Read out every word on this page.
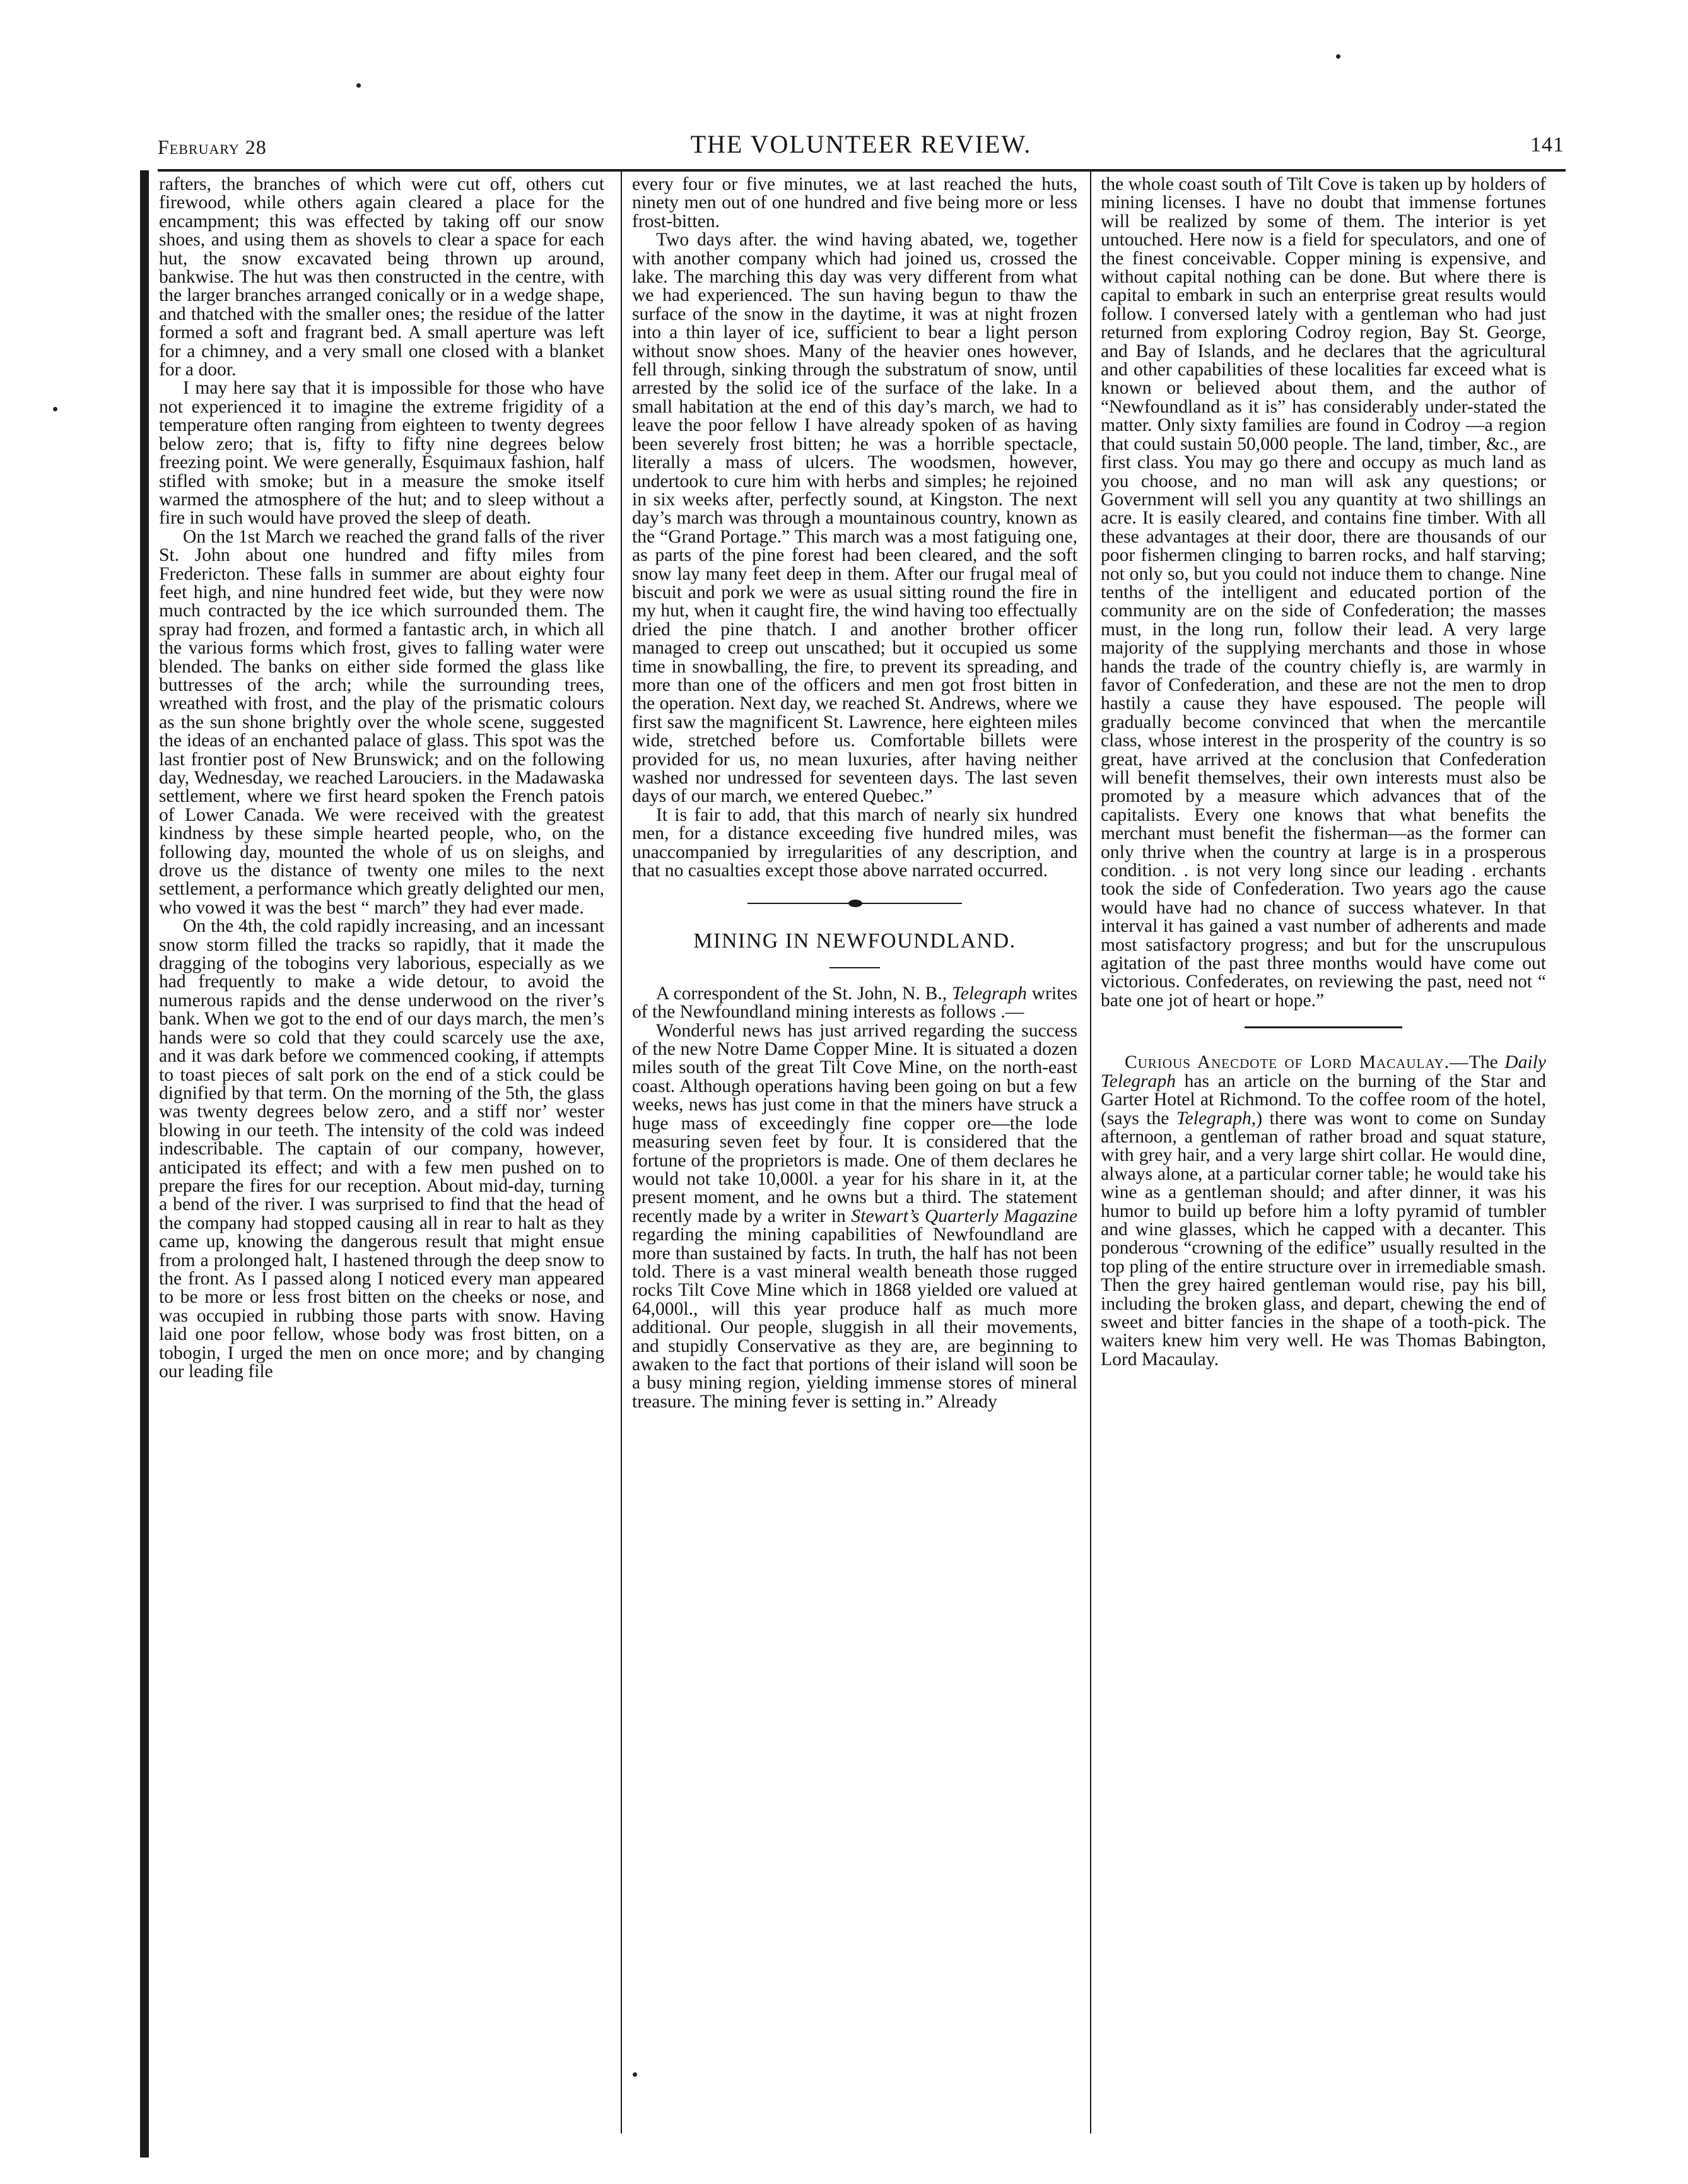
February 28	THE VOLUNTEER REVIEW.	141

rafters, the branches of which were cut off, others cut firewood, while others again cleared a place for the encampment; this was effected by taking off our snow shoes, and using them as shovels to clear a space for each hut, the snow excavated being thrown up around, bankwise. The hut was then constructed in the centre, with the larger branches arranged conically or in a wedge shape, and thatched with the smaller ones; the residue of the latter formed a soft and fragrant bed. A small aperture was left for a chimney, and a very small one closed with a blanket for a door.

I may here say that it is impossible for those who have not experienced it to imagine the extreme frigidity of a temperature often ranging from eighteen to twenty degrees below zero; that is, fifty to fifty nine degrees below freezing point. We were generally, Esquimaux fashion, half stifled with smoke; but in a measure the smoke itself warmed the atmosphere of the hut; and to sleep without a fire in such would have proved the sleep of death.

On the 1st March we reached the grand falls of the river St. John about one hundred and fifty miles from Fredericton. These falls in summer are about eighty four feet high, and nine hundred feet wide, but they were now much contracted by the ice which surrounded them. The spray had frozen, and formed a fantastic arch, in which all the various forms which frost, gives to falling water were blended. The banks on either side formed the glass like buttresses of the arch; while the surrounding trees, wreathed with frost, and the play of the prismatic colours as the sun shone brightly over the whole scene, suggested the ideas of an enchanted palace of glass. This spot was the last frontier post of New Brunswick; and on the following day, Wednesday, we reached Larouciers. in the Madawaska settlement, where we first heard spoken the French patois of Lower Canada. We were received with the greatest kindness by these simple hearted people, who, on the following day, mounted the whole of us on sleighs, and drove us the distance of twenty one miles to the next settlement, a performance which greatly delighted our men, who vowed it was the best “ march” they had ever made.

On the 4th, the cold rapidly increasing, and an incessant snow storm filled the tracks so rapidly, that it made the dragging of the tobogins very laborious, especially as we had frequently to make a wide detour, to avoid the numerous rapids and the dense underwood on the river’s bank. When we got to the end of our days march, the men’s hands were so cold that they could scarcely use the axe, and it was dark before we commenced cooking, if attempts to toast pieces of salt pork on the end of a stick could be dignified by that term. On the morning of the 5th, the glass was twenty degrees below zero, and a stiff nor’ wester blowing in our teeth. The intensity of the cold was indeed indescribable. The captain of our company, however, anticipated its effect; and with a few men pushed on to prepare the fires for our reception. About mid-day, turning a bend of the river. I was surprised to find that the head of the company had stopped causing all in rear to halt as they came up, knowing the dangerous result that might ensue from a prolonged halt, I hastened through the deep snow to the front. As I passed along I noticed every man appeared to be more or less frost bitten on the cheeks or nose, and was occupied in rubbing those parts with snow. Having laid one poor fellow, whose body was frost bitten, on a tobogin, I urged the men on once more; and by changing our leading file

every four or five minutes, we at last reached the huts, ninety men out of one hundred and five being more or less frost-bitten.

Two days after. the wind having abated, we, together with another company which had joined us, crossed the lake. The marching this day was very different from what we had experienced. The sun having begun to thaw the surface of the snow in the daytime, it was at night frozen into a thin layer of ice, sufficient to bear a light person without snow shoes. Many of the heavier ones however, fell through, sinking through the substratum of snow, until arrested by the solid ice of the surface of the lake. In a small habitation at the end of this day’s march, we had to leave the poor fellow I have already spoken of as having been severely frost bitten; he was a horrible spectacle, literally a mass of ulcers. The woodsmen, however, undertook to cure him with herbs and simples; he rejoined in six weeks after, perfectly sound, at Kingston. The next day’s march was through a mountainous country, known as the “Grand Portage.” This march was a most fatiguing one, as parts of the pine forest had been cleared, and the soft snow lay many feet deep in them. After our frugal meal of biscuit and pork we were as usual sitting round the fire in my hut, when it caught fire, the wind having too effectually dried the pine thatch. I and another brother officer managed to creep out unscathed; but it occupied us some time in snowballing, the fire, to prevent its spreading, and more than one of the officers and men got frost bitten in the operation. Next day, we reached St. Andrews, where we first saw the magnificent St. Lawrence, here eighteen miles wide, stretched before us. Comfortable billets were provided for us, no mean luxuries, after having neither washed nor undressed for seventeen days. The last seven days of our march, we entered Quebec.”

It is fair to add, that this march of nearly six hundred men, for a distance exceeding five hundred miles, was unaccompanied by irregularities of any description, and that no casualties except those above narrated occurred.

MINING IN NEWFOUNDLAND.

A correspondent of the St. John, N. B., Telegraph writes of the Newfoundland mining interests as follows .—

Wonderful news has just arrived regarding the success of the new Notre Dame Copper Mine. It is situated a dozen miles south of the great Tilt Cove Mine, on the north-east coast. Although operations having been going on but a few weeks, news has just come in that the miners have struck a huge mass of exceedingly fine copper ore—the lode measuring seven feet by four. It is considered that the fortune of the proprietors is made. One of them declares he would not take 10,000l. a year for his share in it, at the present moment, and he owns but a third. The statement recently made by a writer in Stewart’s Quarterly Magazine regarding the mining capabilities of Newfoundland are more than sustained by facts. In truth, the half has not been told. There is a vast mineral wealth beneath those rugged rocks Tilt Cove Mine which in 1868 yielded ore valued at 64,000l., will this year produce half as much more additional. Our people, sluggish in all their movements, and stupidly Conservative as they are, are beginning to awaken to the fact that portions of their island will soon be a busy mining region, yielding immense stores of mineral treasure. The mining fever is setting in.” Already

the whole coast south of Tilt Cove is taken up by holders of mining licenses. I have no doubt that immense fortunes will be realized by some of them. The interior is yet untouched. Here now is a field for speculators, and one of the finest conceivable. Copper mining is expensive, and without capital nothing can be done. But where there is capital to embark in such an enterprise great results would follow. I conversed lately with a gentleman who had just returned from exploring Codroy region, Bay St. George, and Bay of Islands, and he declares that the agricultural and other capabilities of these localities far exceed what is known or believed about them, and the author of “Newfoundland as it is” has considerably under-stated the matter. Only sixty families are found in Codroy —a region that could sustain 50,000 people. The land, timber, &c., are first class. You may go there and occupy as much land as you choose, and no man will ask any questions; or Government will sell you any quantity at two shillings an acre. It is easily cleared, and contains fine timber. With all these advantages at their door, there are thousands of our poor fishermen clinging to barren rocks, and half starving; not only so, but you could not induce them to change. Nine tenths of the intelligent and educated portion of the community are on the side of Confederation; the masses must, in the long run, follow their lead. A very large majority of the supplying merchants and those in whose hands the trade of the country chiefly is, are warmly in favor of Confederation, and these are not the men to drop hastily a cause they have espoused. The people will gradually become convinced that when the mercantile class, whose interest in the prosperity of the country is so great, have arrived at the conclusion that Confederation will benefit themselves, their own interests must also be promoted by a measure which advances that of the capitalists. Every one knows that what benefits the merchant must benefit the fisherman—as the former can only thrive when the country at large is in a prosperous condition. . is not very long since our leading . erchants took the side of Confederation. Two years ago the cause would have had no chance of success whatever. In that interval it has gained a vast number of adherents and made most satisfactory progress; and but for the unscrupulous agitation of the past three months would have come out victorious. Confederates, on reviewing the past, need not “ bate one jot of heart or hope.”

Curious Anecdote of Lord Macaulay.—The Daily Telegraph has an article on the burning of the Star and Garter Hotel at Richmond. To the coffee room of the hotel, (says the Telegraph,) there was wont to come on Sunday afternoon, a gentleman of rather broad and squat stature, with grey hair, and a very large shirt collar. He would dine, always alone, at a particular corner table; he would take his wine as a gentleman should; and after dinner, it was his humor to build up before him a lofty pyramid of tumbler and wine glasses, which he capped with a decanter. This ponderous “crowning of the edifice” usually resulted in the top pling of the entire structure over in irremediable smash. Then the grey haired gentleman would rise, pay his bill, including the broken glass, and depart, chewing the end of sweet and bitter fancies in the shape of a tooth-pick. The waiters knew him very well. He was Thomas Babington, Lord Macaulay.
